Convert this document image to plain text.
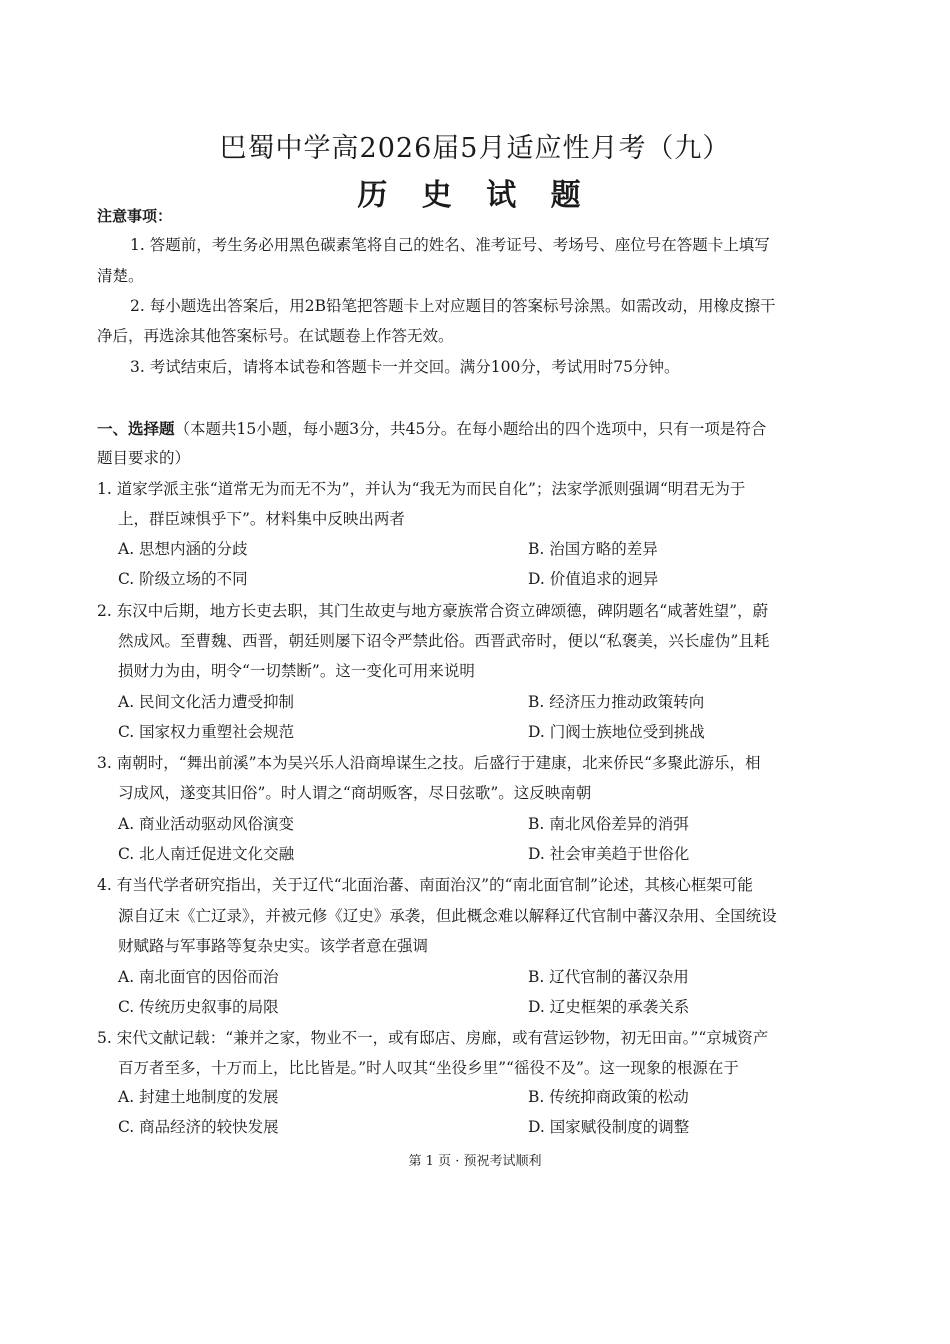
巴蜀中学高2026届5月适应性月考（九）
历 史 试 题
注意事项：
1. 答题前，考生务必用黑色碳素笔将自己的姓名、准考证号、考场号、座位号在答题卡上填写
清楚。
2. 每小题选出答案后，用2B铅笔把答题卡上对应题目的答案标号涂黑。如需改动，用橡皮擦干
净后，再选涂其他答案标号。在试题卷上作答无效。
3. 考试结束后，请将本试卷和答题卡一并交回。满分100分，考试用时75分钟。
一、选择题（本题共15小题，每小题3分，共45分。在每小题给出的四个选项中，只有一项是符合
题目要求的）
1. 道家学派主张“道常无为而无不为”，并认为“我无为而民自化”；法家学派则强调“明君无为于
上，群臣竦惧乎下”。材料集中反映出两者
A. 思想内涵的分歧	B. 治国方略的差异
C. 阶级立场的不同	D. 价值追求的迥异
2. 东汉中后期，地方长吏去职，其门生故吏与地方豪族常合资立碑颂德，碑阴题名“咸著姓望”，蔚
然成风。至曹魏、西晋，朝廷则屡下诏令严禁此俗。西晋武帝时，便以“私褒美，兴长虚伪”且耗
损财力为由，明令“一切禁断”。这一变化可用来说明
A. 民间文化活力遭受抑制	B. 经济压力推动政策转向
C. 国家权力重塑社会规范	D. 门阀士族地位受到挑战
3. 南朝时，“舞出前溪”本为吴兴乐人沿商埠谋生之技。后盛行于建康，北来侨民“多聚此游乐，相
习成风，遂变其旧俗”。时人谓之“商胡贩客，尽日弦歌”。这反映南朝
A. 商业活动驱动风俗演变	B. 南北风俗差异的消弭
C. 北人南迁促进文化交融	D. 社会审美趋于世俗化
4. 有当代学者研究指出，关于辽代“北面治蕃、南面治汉”的“南北面官制”论述，其核心框架可能
源自辽末《亡辽录》，并被元修《辽史》承袭，但此概念难以解释辽代官制中蕃汉杂用、全国统设
财赋路与军事路等复杂史实。该学者意在强调
A. 南北面官的因俗而治	B. 辽代官制的蕃汉杂用
C. 传统历史叙事的局限	D. 辽史框架的承袭关系
5. 宋代文献记载：“兼并之家，物业不一，或有邸店、房廊，或有营运钞物，初无田亩。”“京城资产
百万者至多，十万而上，比比皆是。”时人叹其“坐役乡里”“徭役不及”。这一现象的根源在于
A. 封建土地制度的发展	B. 传统抑商政策的松动
C. 商品经济的较快发展	D. 国家赋役制度的调整
第 1 页 · 预祝考试顺利
